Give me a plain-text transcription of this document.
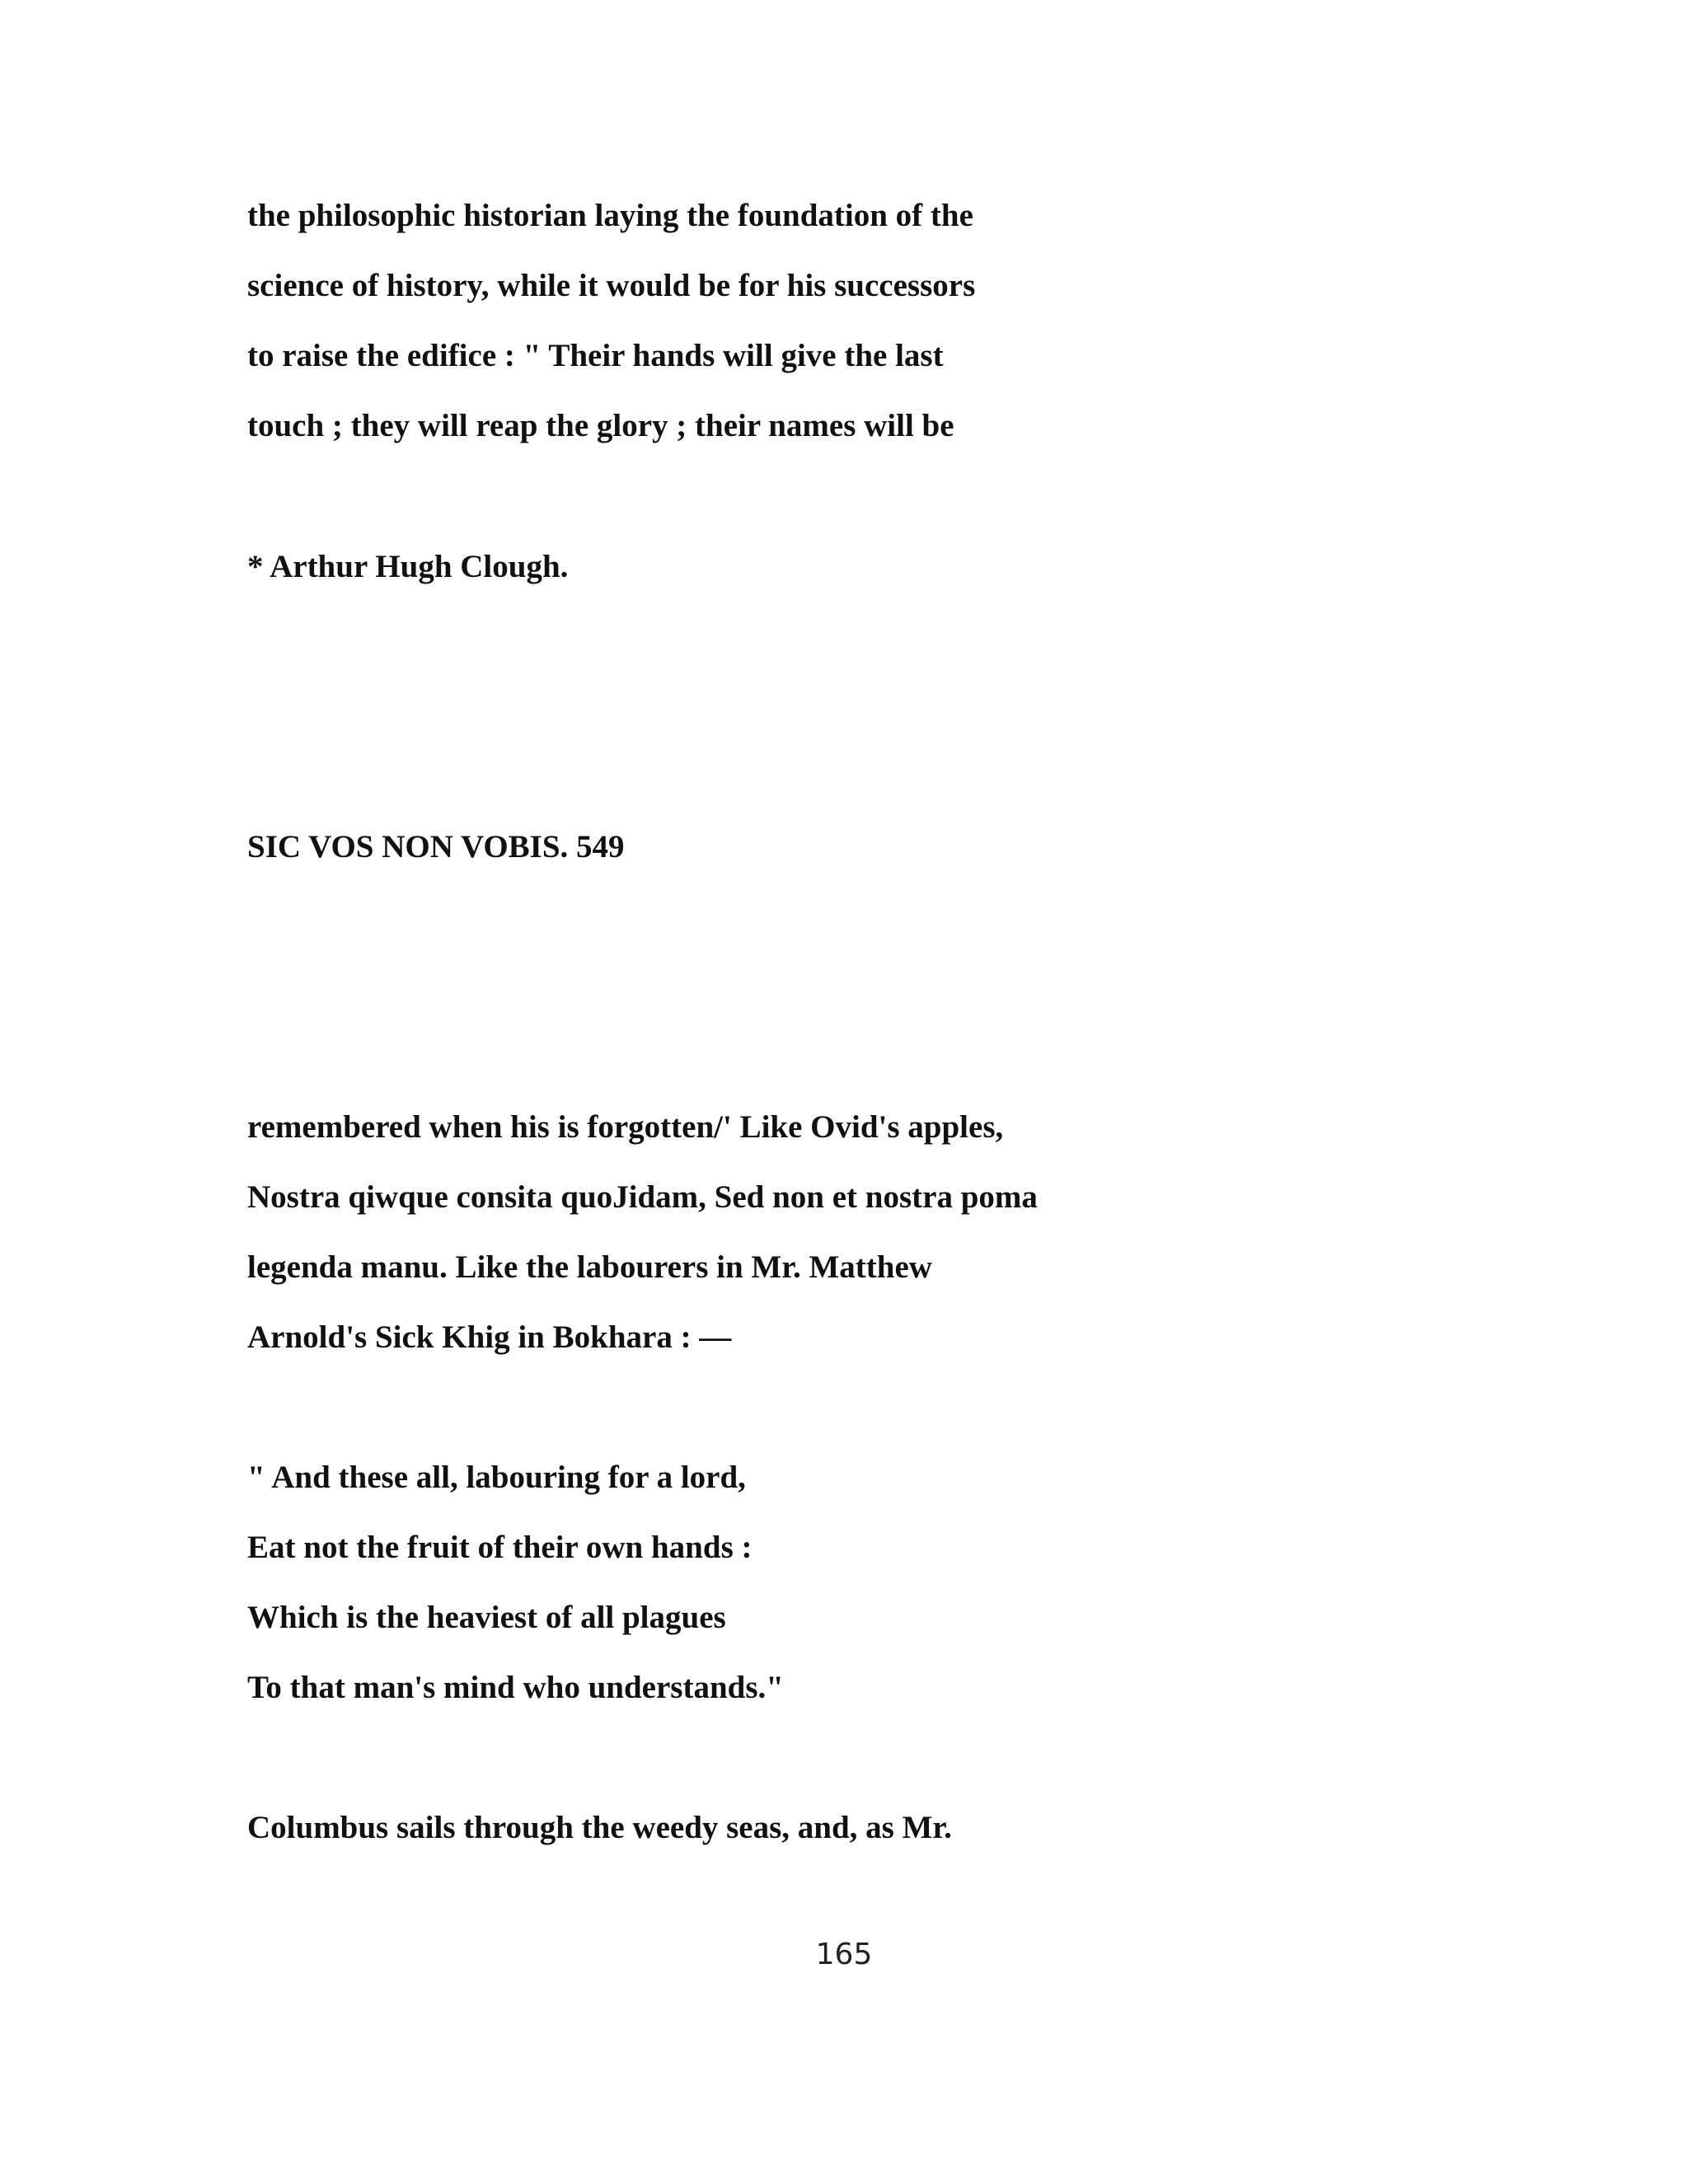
the philosophic historian laying the foundation of the
science of history, while it would be for his successors
to raise the edifice : " Their hands will give the last
touch ; they will reap the glory ; their names will be
* Arthur Hugh Clough.
SIC VOS NON VOBIS. 549
remembered when his is forgotten/' Like Ovid's apples,
Nostra qiwque consita quoJidam, Sed non et nostra poma
legenda manu. Like the labourers in Mr. Matthew
Arnold's Sick Khig in Bokhara : —
" And these all, labouring for a lord,
Eat not the fruit of their own hands :
Which is the heaviest of all plagues
To that man's mind who understands."
Columbus sails through the weedy seas, and, as Mr.
165
